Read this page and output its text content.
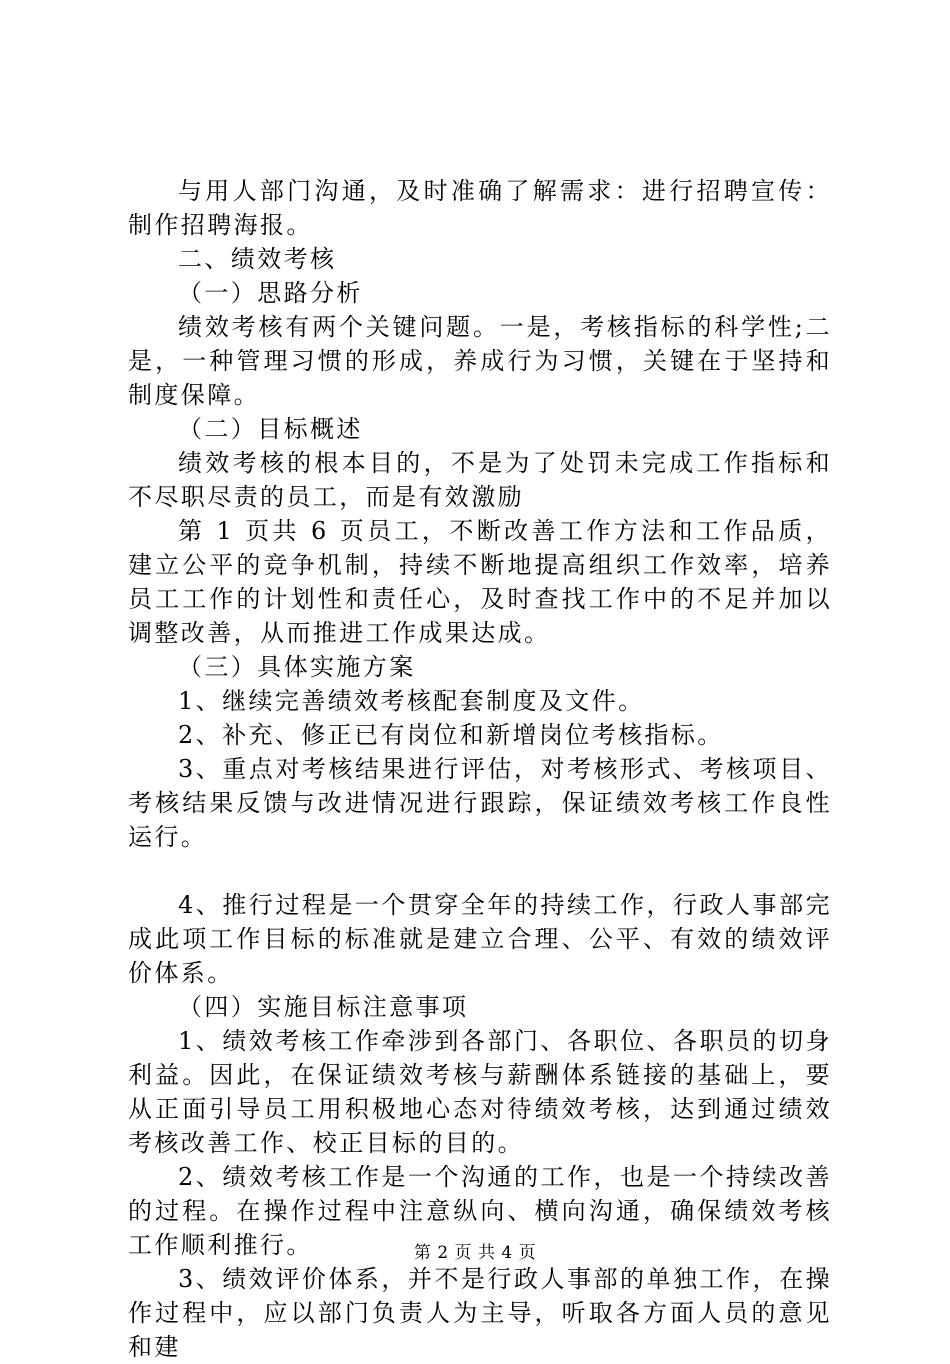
与用人部门沟通，及时准确了解需求：进行招聘宣传：制作招聘海报。

二、绩效考核

（一）思路分析

绩效考核有两个关键问题。一是，考核指标的科学性;二是，一种管理习惯的形成，养成行为习惯，关键在于坚持和制度保障。

（二）目标概述

绩效考核的根本目的，不是为了处罚未完成工作指标和不尽职尽责的员工，而是有效激励

第 1 页共 6 页员工，不断改善工作方法和工作品质，建立公平的竞争机制，持续不断地提高组织工作效率，培养员工工作的计划性和责任心，及时查找工作中的不足并加以调整改善，从而推进工作成果达成。

（三）具体实施方案

1、继续完善绩效考核配套制度及文件。

2、补充、修正已有岗位和新增岗位考核指标。

3、重点对考核结果进行评估，对考核形式、考核项目、考核结果反馈与改进情况进行跟踪，保证绩效考核工作良性运行。

4、推行过程是一个贯穿全年的持续工作，行政人事部完成此项工作目标的标准就是建立合理、公平、有效的绩效评价体系。

（四）实施目标注意事项

1、绩效考核工作牵涉到各部门、各职位、各职员的切身利益。因此，在保证绩效考核与薪酬体系链接的基础上，要从正面引导员工用积极地心态对待绩效考核，达到通过绩效考核改善工作、校正目标的目的。

2、绩效考核工作是一个沟通的工作，也是一个持续改善的过程。在操作过程中注意纵向、横向沟通，确保绩效考核工作顺利推行。

3、绩效评价体系，并不是行政人事部的单独工作，在操作过程中，应以部门负责人为主导，听取各方面人员的意见和建

第 2 页 共 4 页
